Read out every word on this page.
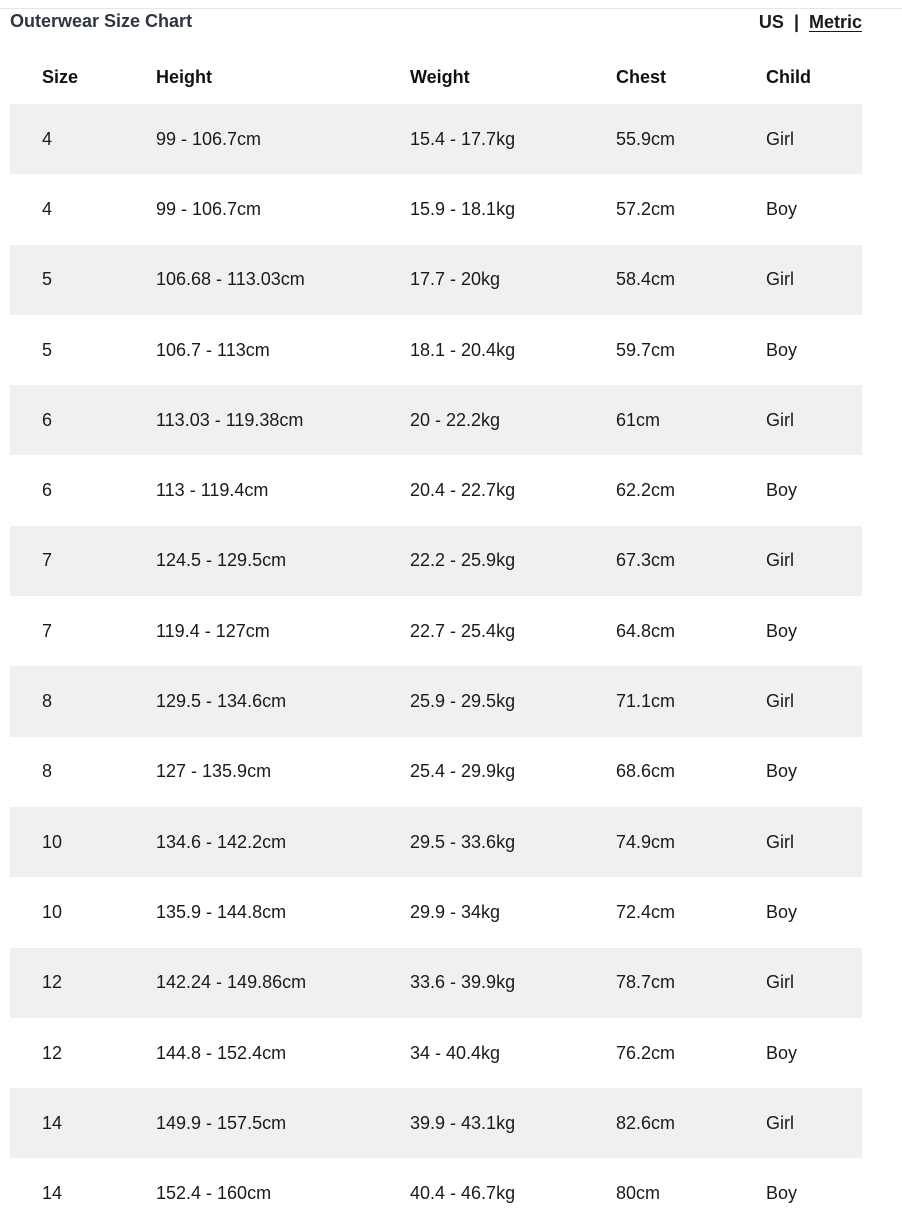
Outerwear Size Chart	US | Metric
Size	Height	Weight	Chest	Child
4	99 - 106.7cm	15.4 - 17.7kg	55.9cm	Girl
4	99 - 106.7cm	15.9 - 18.1kg	57.2cm	Boy
5	106.68 - 113.03cm	17.7 - 20kg	58.4cm	Girl
5	106.7 - 113cm	18.1 - 20.4kg	59.7cm	Boy
6	113.03 - 119.38cm	20 - 22.2kg	61cm	Girl
6	113 - 119.4cm	20.4 - 22.7kg	62.2cm	Boy
7	124.5 - 129.5cm	22.2 - 25.9kg	67.3cm	Girl
7	119.4 - 127cm	22.7 - 25.4kg	64.8cm	Boy
8	129.5 - 134.6cm	25.9 - 29.5kg	71.1cm	Girl
8	127 - 135.9cm	25.4 - 29.9kg	68.6cm	Boy
10	134.6 - 142.2cm	29.5 - 33.6kg	74.9cm	Girl
10	135.9 - 144.8cm	29.9 - 34kg	72.4cm	Boy
12	142.24 - 149.86cm	33.6 - 39.9kg	78.7cm	Girl
12	144.8 - 152.4cm	34 - 40.4kg	76.2cm	Boy
14	149.9 - 157.5cm	39.9 - 43.1kg	82.6cm	Girl
14	152.4 - 160cm	40.4 - 46.7kg	80cm	Boy
